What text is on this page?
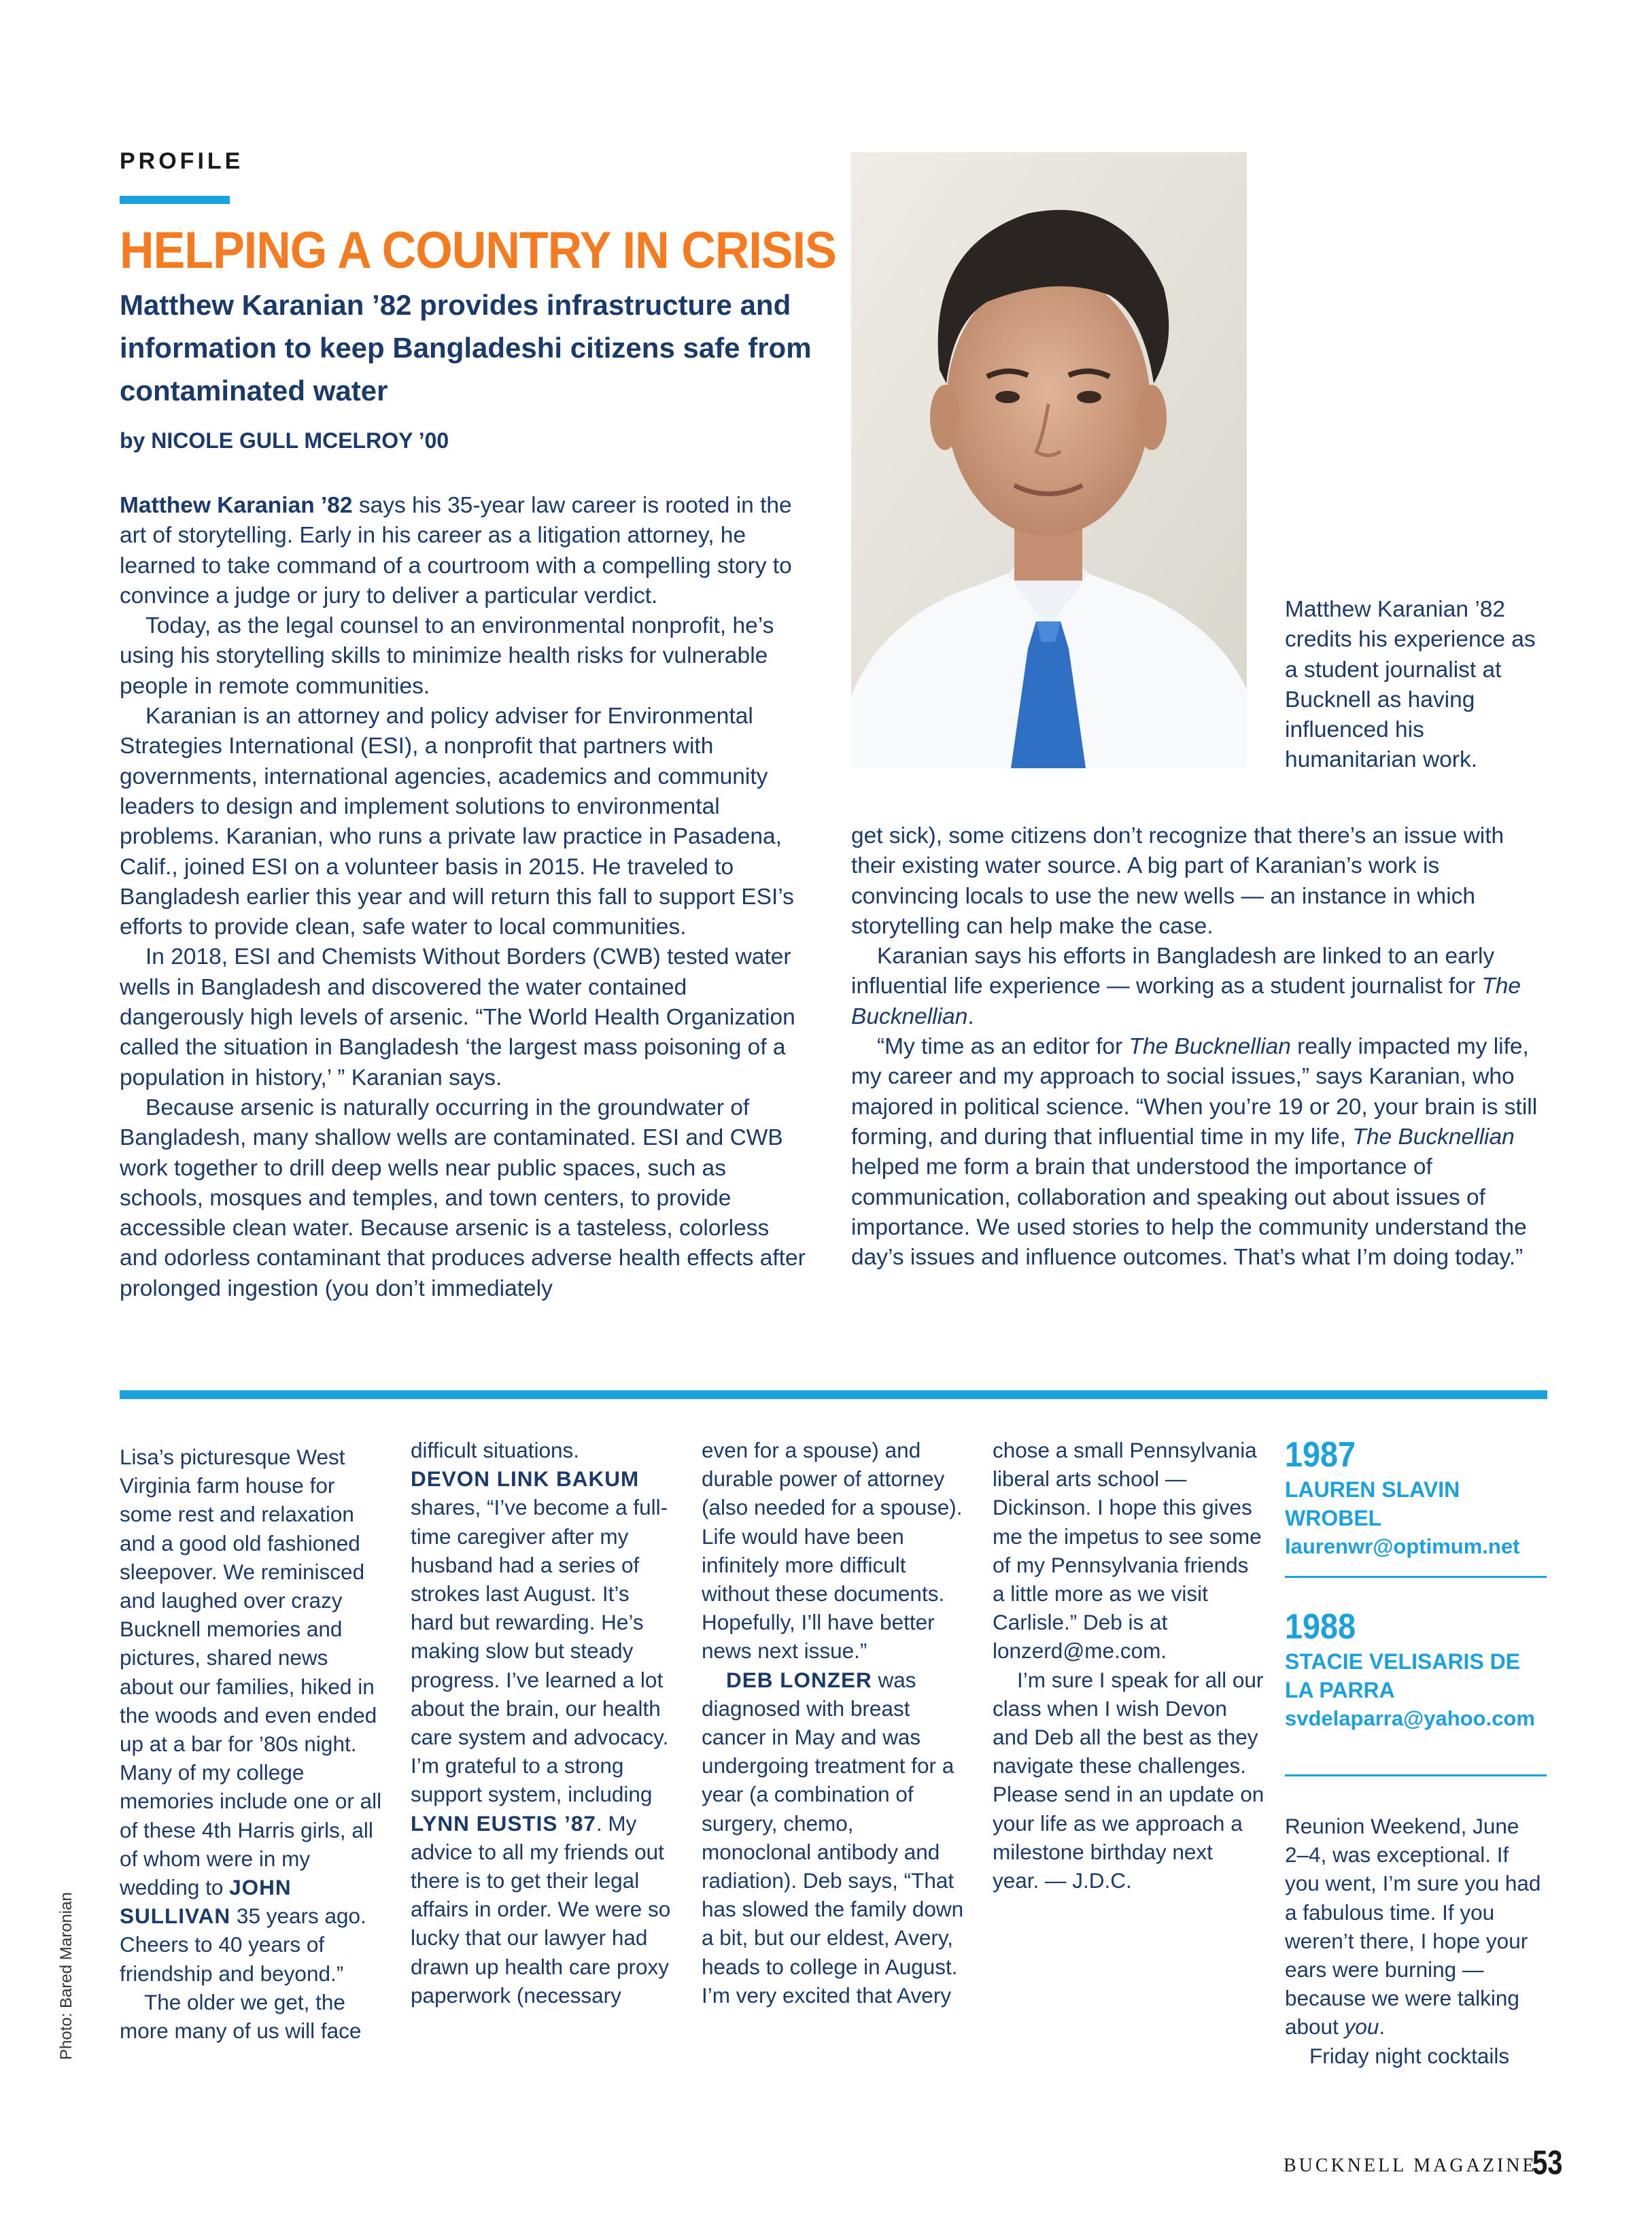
PROFILE
HELPING A COUNTRY IN CRISIS
Matthew Karanian ’82 provides infrastructure and information to keep Bangladeshi citizens safe from contaminated water
by NICOLE GULL MCELROY ’00

Matthew Karanian ’82 says his 35-year law career is rooted in the art of storytelling. Early in his career as a litigation attorney, he learned to take command of a courtroom with a compelling story to convince a judge or jury to deliver a particular verdict.

Today, as the legal counsel to an environmental nonprofit, he’s using his storytelling skills to minimize health risks for vulnerable people in remote communities.

Karanian is an attorney and policy adviser for Environmental Strategies International (ESI), a nonprofit that partners with governments, international agencies, academics and community leaders to design and implement solutions to environmental problems. Karanian, who runs a private law practice in Pasadena, Calif., joined ESI on a volunteer basis in 2015. He traveled to Bangladesh earlier this year and will return this fall to support ESI’s efforts to provide clean, safe water to local communities.

In 2018, ESI and Chemists Without Borders (CWB) tested water wells in Bangladesh and discovered the water contained dangerously high levels of arsenic. “The World Health Organization called the situation in Bangladesh ‘the largest mass poisoning of a population in history,’ ” Karanian says.

Because arsenic is naturally occurring in the groundwater of Bangladesh, many shallow wells are contaminated. ESI and CWB work together to drill deep wells near public spaces, such as schools, mosques and temples, and town centers, to provide accessible clean water. Because arsenic is a tasteless, colorless and odorless contaminant that produces adverse health effects after prolonged ingestion (you don’t immediately

Matthew Karanian ’82 credits his experience as a student journalist at Bucknell as having influenced his humanitarian work.

get sick), some citizens don’t recognize that there’s an issue with their existing water source. A big part of Karanian’s work is convincing locals to use the new wells — an instance in which storytelling can help make the case.

Karanian says his efforts in Bangladesh are linked to an early influential life experience — working as a student journalist for The Bucknellian.

“My time as an editor for The Bucknellian really impacted my life, my career and my approach to social issues,” says Karanian, who majored in political science. “When you’re 19 or 20, your brain is still forming, and during that influential time in my life, The Bucknellian helped me form a brain that understood the importance of communication, collaboration and speaking out about issues of importance. We used stories to help the community understand the day’s issues and influence outcomes. That’s what I’m doing today.”

Lisa’s picturesque West Virginia farm house for some rest and relaxation and a good old fashioned sleepover. We reminisced and laughed over crazy Bucknell memories and pictures, shared news about our families, hiked in the woods and even ended up at a bar for ’80s night. Many of my college memories include one or all of these 4th Harris girls, all of whom were in my wedding to JOHN SULLIVAN 35 years ago. Cheers to 40 years of friendship and beyond.”

The older we get, the more many of us will face

difficult situations.

DEVON LINK BAKUM shares, “I’ve become a full-time caregiver after my husband had a series of strokes last August. It’s hard but rewarding. He’s making slow but steady progress. I’ve learned a lot about the brain, our health care system and advocacy. I’m grateful to a strong support system, including LYNN EUSTIS ’87. My advice to all my friends out there is to get their legal affairs in order. We were so lucky that our lawyer had drawn up health care proxy paperwork (necessary

even for a spouse) and durable power of attorney (also needed for a spouse). Life would have been infinitely more difficult without these documents. Hopefully, I’ll have better news next issue.”

DEB LONZER was diagnosed with breast cancer in May and was undergoing treatment for a year (a combination of surgery, chemo, monoclonal antibody and radiation). Deb says, “That has slowed the family down a bit, but our eldest, Avery, heads to college in August. I’m very excited that Avery

chose a small Pennsylvania liberal arts school — Dickinson. I hope this gives me the impetus to see some of my Pennsylvania friends a little more as we visit Carlisle.” Deb is at lonzerd@me.com.

I’m sure I speak for all our class when I wish Devon and Deb all the best as they navigate these challenges. Please send in an update on your life as we approach a milestone birthday next year. — J.D.C.

1987
LAUREN SLAVIN WROBEL
laurenwr@optimum.net
1988
STACIE VELISARIS DE LA PARRA
svdelaparra@yahoo.com

Reunion Weekend, June 2–4, was exceptional. If you went, I’m sure you had a fabulous time. If you weren’t there, I hope your ears were burning — because we were talking about you.

Friday night cocktails

Photo: Bared Maronian
BUCKNELL MAGAZINE
53
